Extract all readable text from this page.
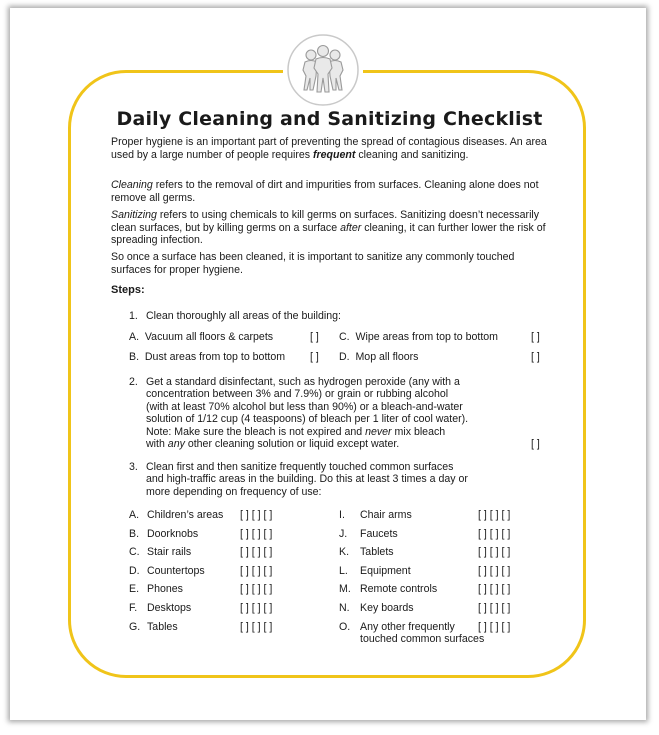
Daily Cleaning and Sanitizing Checklist
Proper hygiene is an important part of preventing the spread of contagious diseases. An area used by a large number of people requires frequent cleaning and sanitizing.
Cleaning refers to the removal of dirt and impurities from surfaces. Cleaning alone does not remove all germs.
Sanitizing refers to using chemicals to kill germs on surfaces. Sanitizing doesn’t necessarily clean surfaces, but by killing germs on a surface after cleaning, it can further lower the risk of spreading infection.
So once a surface has been cleaned, it is important to sanitize any commonly touched surfaces for proper hygiene.
Steps:
1. Clean thoroughly all areas of the building:
A. Vacuum all floors & carpets	[ ]
B. Dust areas from top to bottom [ ]
C. Wipe areas from top to bottom	[ ]
D. Mop all floors	[ ]
2. Get a standard disinfectant, such as hydrogen peroxide (any with a
concentration between 3% and 7.9%) or grain or rubbing alcohol
(with at least 70% alcohol but less than 90%) or a bleach-and-water
solution of 1/12 cup (4 teaspoons) of bleach per 1 liter of cool water).
Note: Make sure the bleach is not expired and never mix bleach
with any other cleaning solution or liquid except water.	[ ]
3. Clean first and then sanitize frequently touched common surfaces
and high-traffic areas in the building. Do this at least 3 times a day or
more depending on frequency of use:
A. Children’s areas [ ] [ ] [ ]
B. Doorknobs	[ ] [ ] [ ]
C. Stair rails	[ ] [ ] [ ]
D. Countertops	[ ] [ ] [ ]
E. Phones	[ ] [ ] [ ]
F. Desktops	[ ] [ ] [ ]
G. Tables	[ ] [ ] [ ]
I. Chair arms	[ ] [ ] [ ]
J. Faucets	[ ] [ ] [ ]
K. Tablets	[ ] [ ] [ ]
L. Equipment	[ ] [ ] [ ]
M. Remote controls	[ ] [ ] [ ]
N. Key boards	[ ] [ ] [ ]
O. Any other frequently
touched common surfaces
[ ] [ ] [ ]
